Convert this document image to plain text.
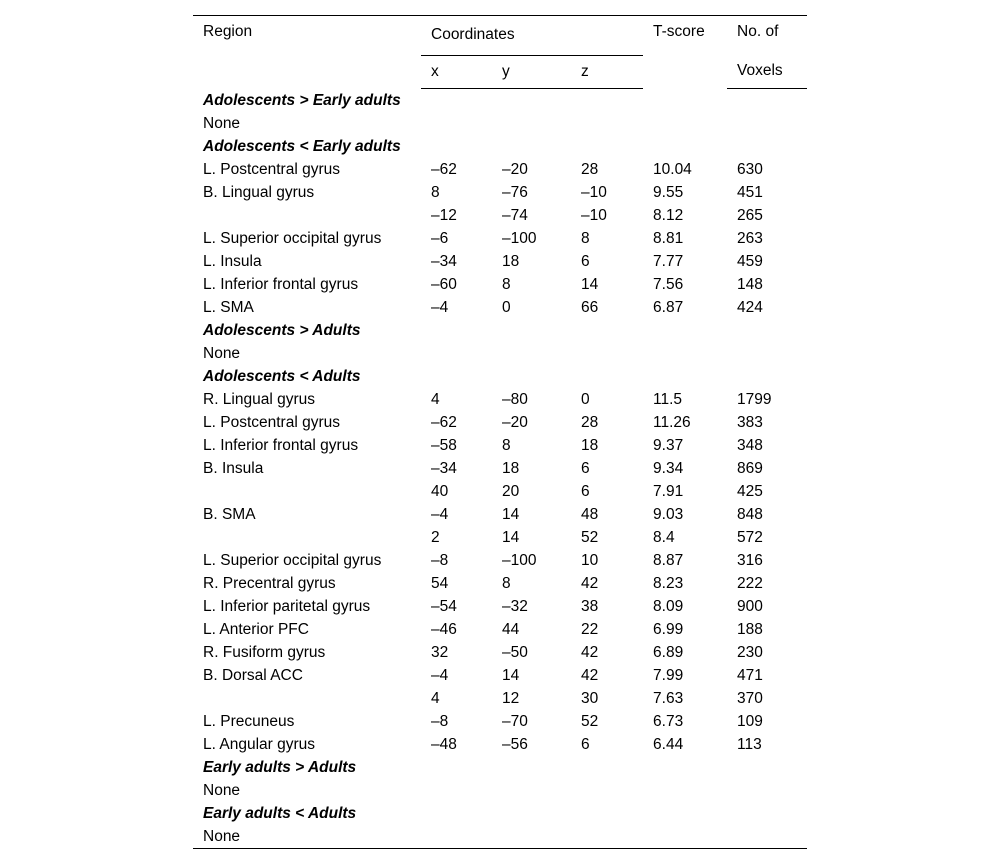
Region	Coordinates			T-score	No. of
	x	y	z		Voxels
Adolescents > Early adults					
None					
Adolescents < Early adults					
L. Postcentral gyrus	–62	–20	28	10.04	630
B. Lingual gyrus	8	–76	–10	9.55	451
	–12	–74	–10	8.12	265
L. Superior occipital gyrus	–6	–100	8	8.81	263
L. Insula	–34	18	6	7.77	459
L. Inferior frontal gyrus	–60	8	14	7.56	148
L. SMA	–4	0	66	6.87	424
Adolescents > Adults					
None					
Adolescents < Adults					
R. Lingual gyrus	4	–80	0	11.5	1799
L. Postcentral gyrus	–62	–20	28	11.26	383
L. Inferior frontal gyrus	–58	8	18	9.37	348
B. Insula	–34	18	6	9.34	869
	40	20	6	7.91	425
B. SMA	–4	14	48	9.03	848
	2	14	52	8.4	572
L. Superior occipital gyrus	–8	–100	10	8.87	316
R. Precentral gyrus	54	8	42	8.23	222
L. Inferior paritetal gyrus	–54	–32	38	8.09	900
L. Anterior PFC	–46	44	22	6.99	188
R. Fusiform gyrus	32	–50	42	6.89	230
B. Dorsal ACC	–4	14	42	7.99	471
	4	12	30	7.63	370
L. Precuneus	–8	–70	52	6.73	109
L. Angular gyrus	–48	–56	6	6.44	113
Early adults > Adults					
None					
Early adults < Adults					
None					
